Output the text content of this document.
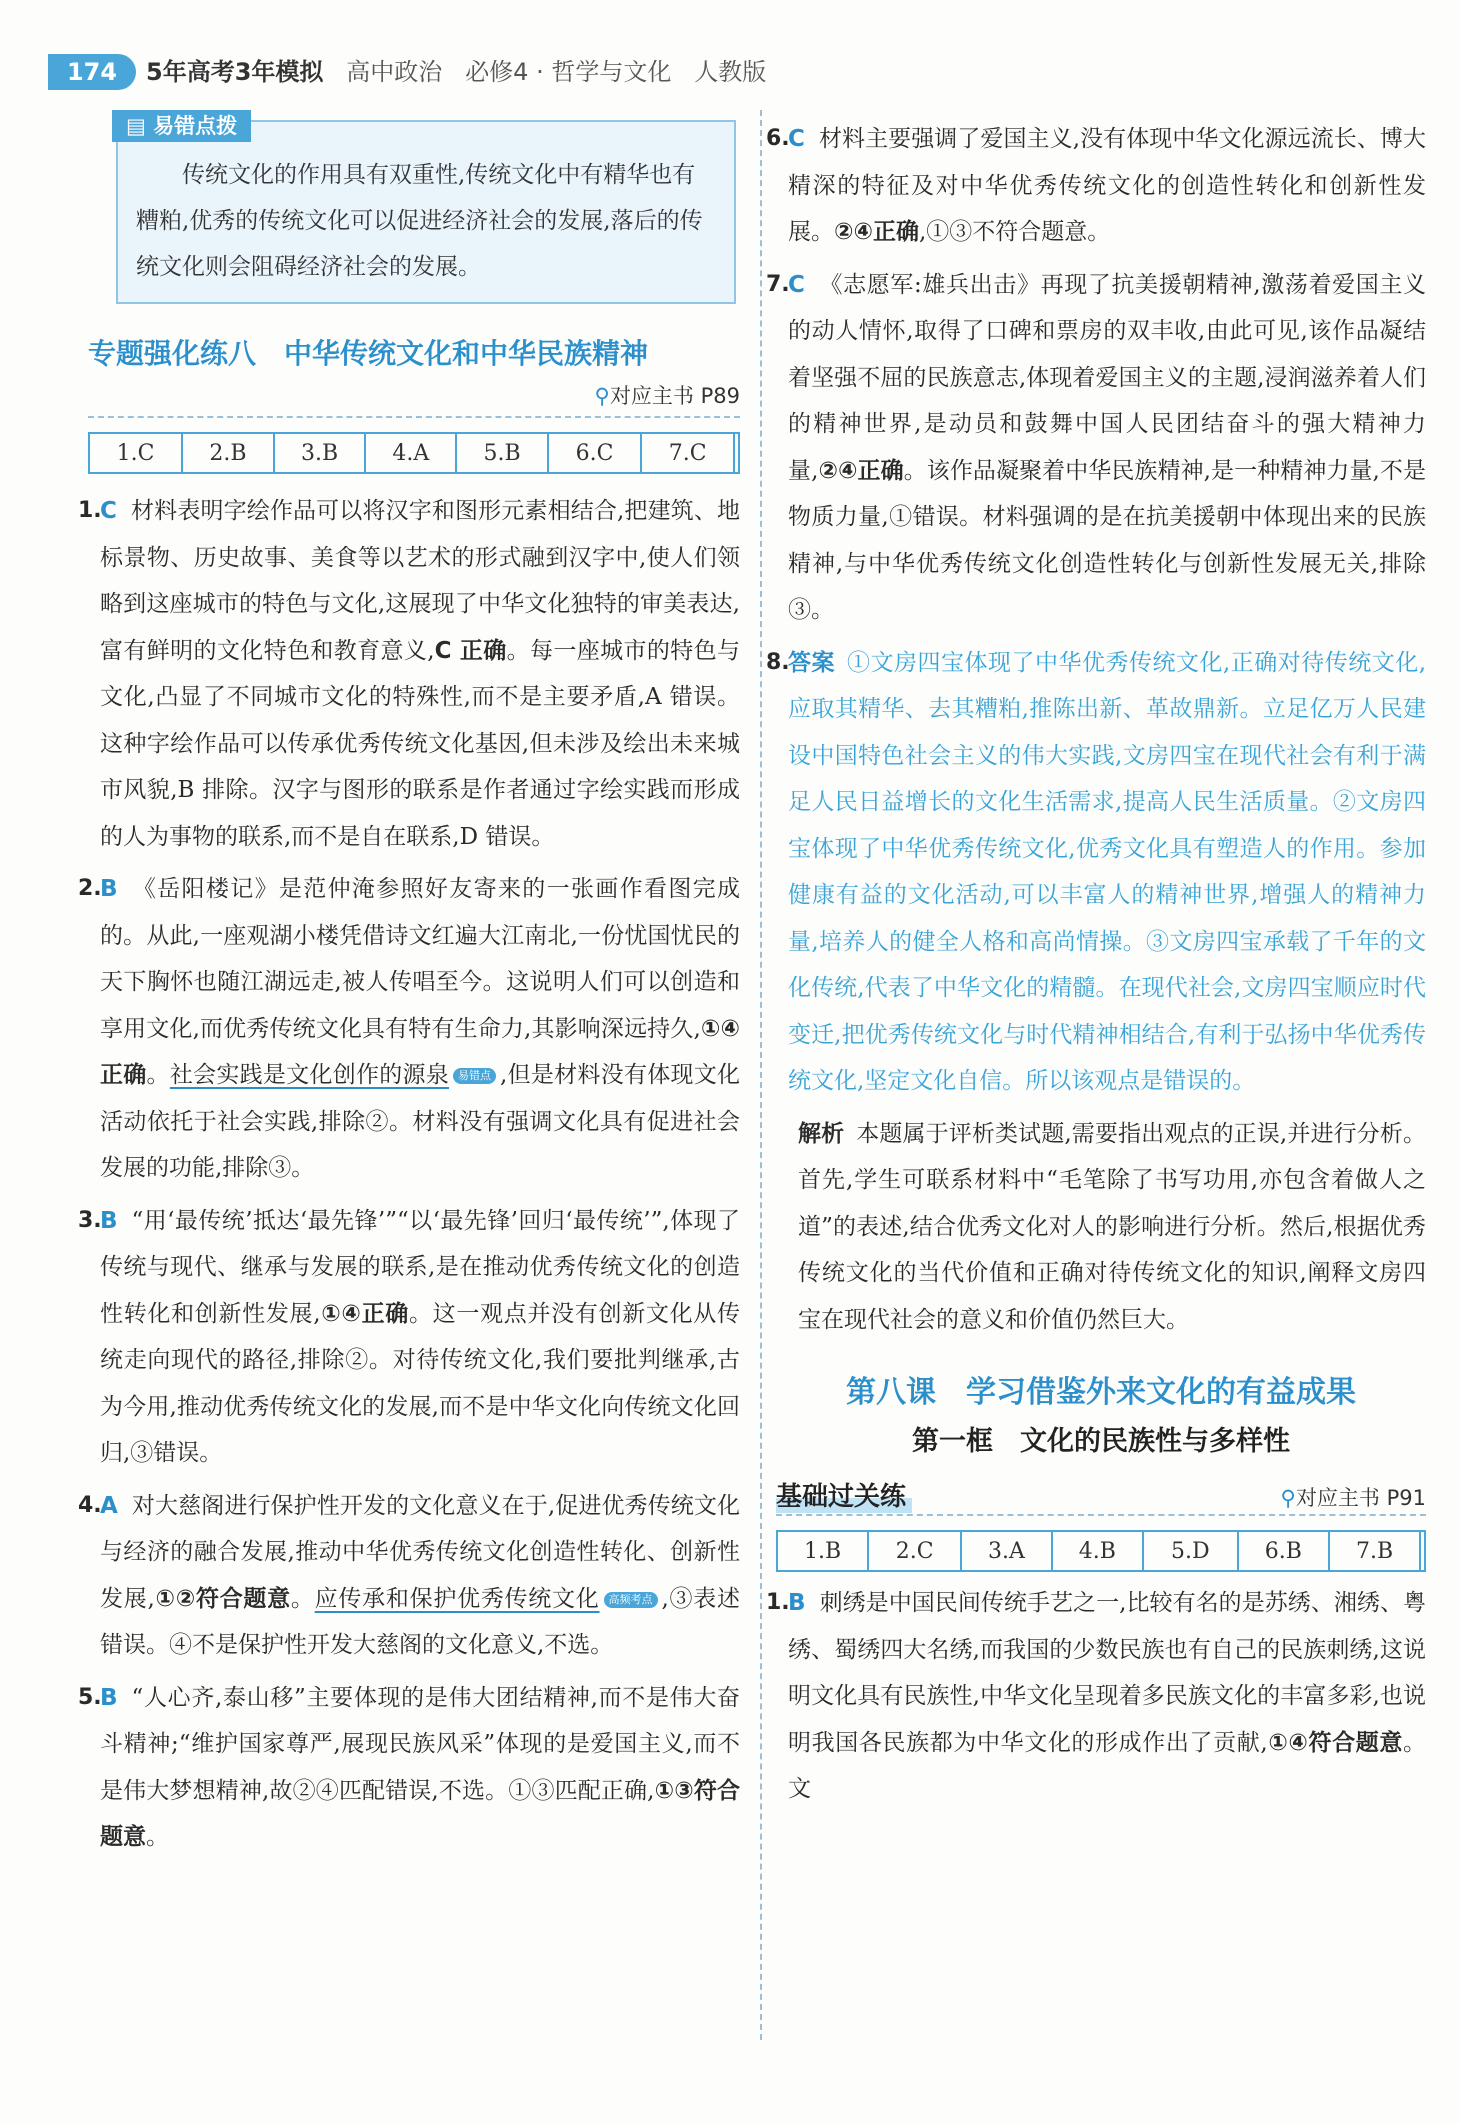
174	5年高考3年模拟 高中政治 必修4 · 哲学与文化 人教版
▤ 易错点拨
传统文化的作用具有双重性,传统文化中有精华也有糟粕,优秀的传统文化可以促进经济社会的发展,落后的传统文化则会阻碍经济社会的发展。
专题强化练八　中华传统文化和中华民族精神
⚲对应主书 P89
1.C	2.B	3.B	4.A	5.B	6.C	7.C	
1.
C 材料表明字绘作品可以将汉字和图形元素相结合,把建筑、地标景物、历史故事、美食等以艺术的形式融到汉字中,使人们领略到这座城市的特色与文化,这展现了中华文化独特的审美表达,富有鲜明的文化特色和教育意义,C 正确。每一座城市的特色与文化,凸显了不同城市文化的特殊性,而不是主要矛盾,A 错误。这种字绘作品可以传承优秀传统文化基因,但未涉及绘出未来城市风貌,B 排除。汉字与图形的联系是作者通过字绘实践而形成的人为事物的联系,而不是自在联系,D 错误。
2.
B 《岳阳楼记》是范仲淹参照好友寄来的一张画作看图完成的。从此,一座观湖小楼凭借诗文红遍大江南北,一份忧国忧民的天下胸怀也随江湖远走,被人传唱至今。这说明人们可以创造和享用文化,而优秀传统文化具有特有生命力,其影响深远持久,①④正确。社会实践是文化创作的源泉 易错点 ,但是材料没有体现文化活动依托于社会实践,排除②。材料没有强调文化具有促进社会发展的功能,排除③。
3.
B “用‘最传统’抵达‘最先锋’”“以‘最先锋’回归‘最传统’”,体现了传统与现代、继承与发展的联系,是在推动优秀传统文化的创造性转化和创新性发展,①④正确。这一观点并没有创新文化从传统走向现代的路径,排除②。对待传统文化,我们要批判继承,古为今用,推动优秀传统文化的发展,而不是中华文化向传统文化回归,③错误。
4.
A 对大慈阁进行保护性开发的文化意义在于,促进优秀传统文化与经济的融合发展,推动中华优秀传统文化创造性转化、创新性发展,①②符合题意。应传承和保护优秀传统文化 高频考点 ,③表述错误。④不是保护性开发大慈阁的文化意义,不选。
5.
B “人心齐,泰山移”主要体现的是伟大团结精神,而不是伟大奋斗精神;“维护国家尊严,展现民族风采”体现的是爱国主义,而不是伟大梦想精神,故②④匹配错误,不选。①③匹配正确,①③符合题意。
6.
C 材料主要强调了爱国主义,没有体现中华文化源远流长、博大精深的特征及对中华优秀传统文化的创造性转化和创新性发展。②④正确,①③不符合题意。
7.
C 《志愿军:雄兵出击》再现了抗美援朝精神,激荡着爱国主义的动人情怀,取得了口碑和票房的双丰收,由此可见,该作品凝结着坚强不屈的民族意志,体现着爱国主义的主题,浸润滋养着人们的精神世界,是动员和鼓舞中国人民团结奋斗的强大精神力量,②④正确。该作品凝聚着中华民族精神,是一种精神力量,不是物质力量,①错误。材料强调的是在抗美援朝中体现出来的民族精神,与中华优秀传统文化创造性转化与创新性发展无关,排除③。
8.
答案 ①文房四宝体现了中华优秀传统文化,正确对待传统文化,应取其精华、去其糟粕,推陈出新、革故鼎新。立足亿万人民建设中国特色社会主义的伟大实践,文房四宝在现代社会有利于满足人民日益增长的文化生活需求,提高人民生活质量。②文房四宝体现了中华优秀传统文化,优秀文化具有塑造人的作用。参加健康有益的文化活动,可以丰富人的精神世界,增强人的精神力量,培养人的健全人格和高尚情操。③文房四宝承载了千年的文化传统,代表了中华文化的精髓。在现代社会,文房四宝顺应时代变迁,把优秀传统文化与时代精神相结合,有利于弘扬中华优秀传统文化,坚定文化自信。所以该观点是错误的。
解析 本题属于评析类试题,需要指出观点的正误,并进行分析。首先,学生可联系材料中“毛笔除了书写功用,亦包含着做人之道”的表述,结合优秀文化对人的影响进行分析。然后,根据优秀传统文化的当代价值和正确对待传统文化的知识,阐释文房四宝在现代社会的意义和价值仍然巨大。
第八课　学习借鉴外来文化的有益成果
第一框　文化的民族性与多样性
基础过关练	⚲对应主书 P91
1.B	2.C	3.A	4.B	5.D	6.B	7.B	
1.
B 刺绣是中国民间传统手艺之一,比较有名的是苏绣、湘绣、粤绣、蜀绣四大名绣,而我国的少数民族也有自己的民族刺绣,这说明文化具有民族性,中华文化呈现着多民族文化的丰富多彩,也说明我国各民族都为中华文化的形成作出了贡献,①④符合题意。文
